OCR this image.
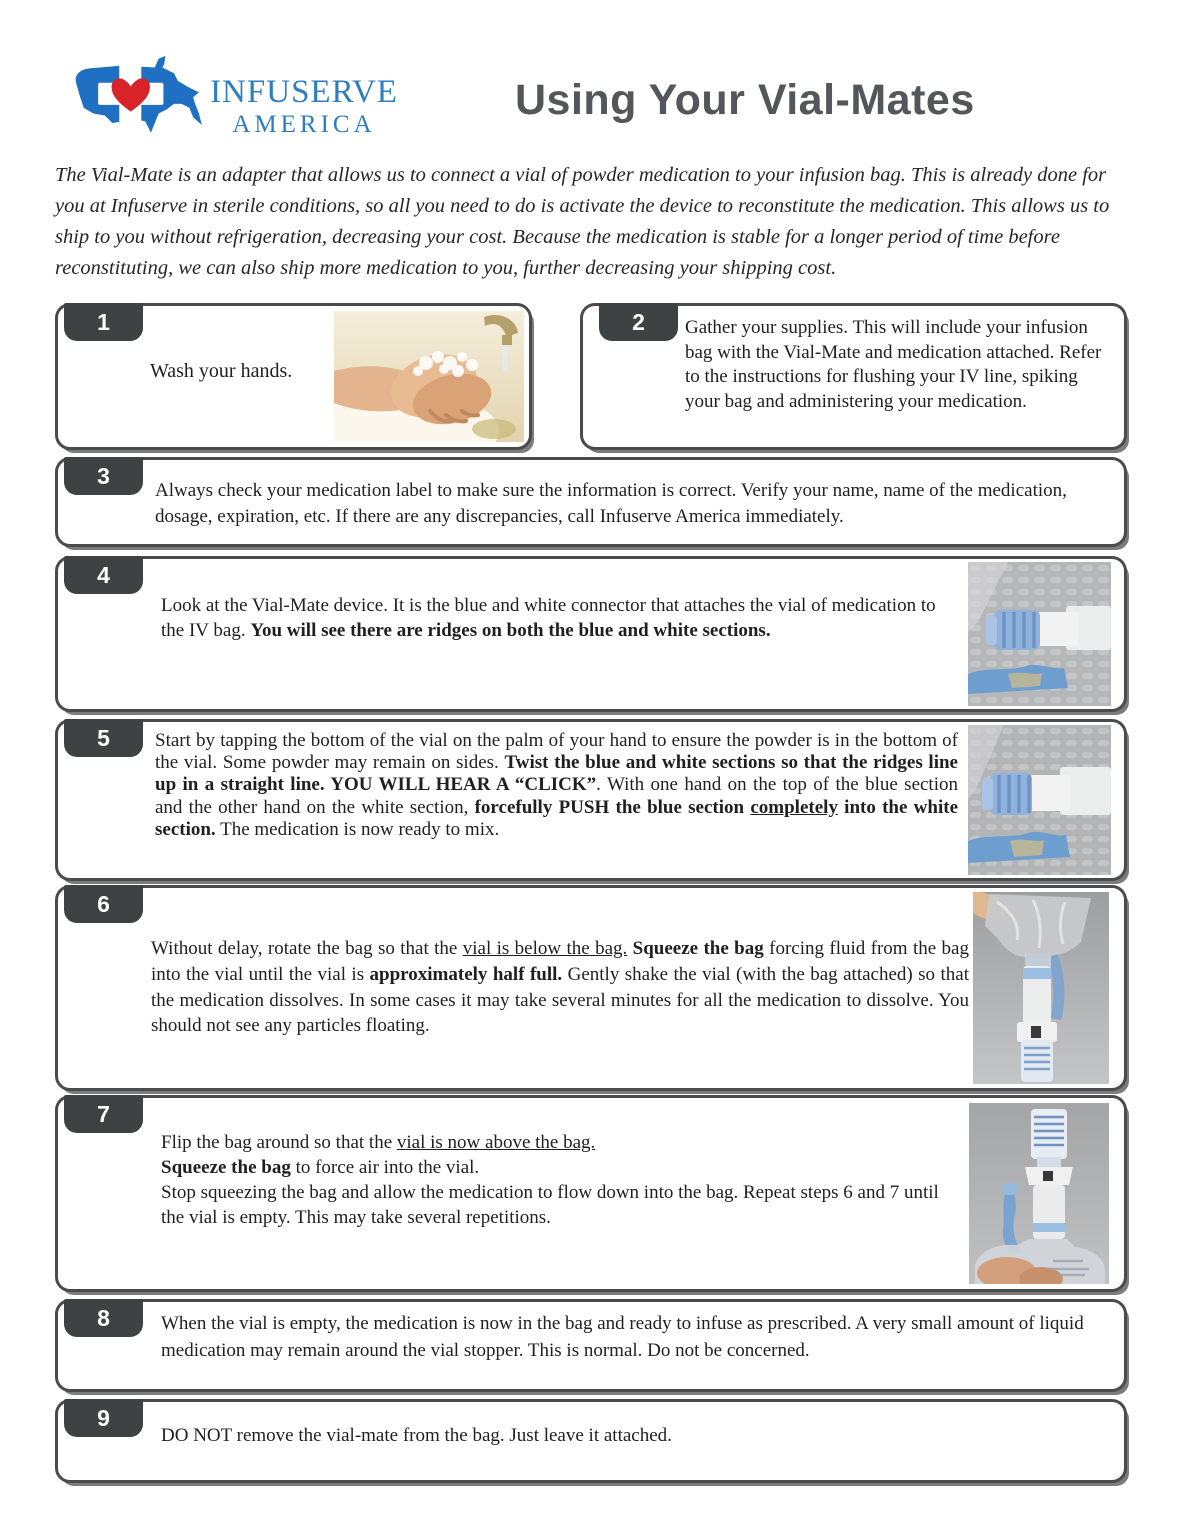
INFUSERVE
AMERICA
Using Your Vial-Mates

The Vial-Mate is an adapter that allows us to connect a vial of powder medication to your infusion bag. This is already done for you at Infuserve in sterile conditions, so all you need to do is activate the device to reconstitute the medication. This allows us to ship to you without refrigeration, decreasing your cost. Because the medication is stable for a longer period of time before reconstituting, we can also ship more medication to you, further decreasing your shipping cost.

1

Wash your hands.

2	Gather your supplies. This will include your infusion bag with the Vial-Mate and medication attached. Refer to the instructions for flushing your IV line, spiking your bag and administering your medication.

3

Always check your medication label to make sure the information is correct. Verify your name, name of the medication, dosage, expiration, etc. If there are any discrepancies, call Infuserve America immediately.

4

Look at the Vial-Mate device. It is the blue and white connector that attaches the vial of medication to the IV bag. You will see there are ridges on both the blue and white sections.

5	Start by tapping the bottom of the vial on the palm of your hand to ensure the powder is in the bottom of the vial. Some powder may remain on sides. Twist the blue and white sections so that the ridges line up in a straight line. YOU WILL HEAR A “CLICK”. With one hand on the top of the blue section and the other hand on the white section, forcefully PUSH the blue section completely into the white section. The medication is now ready to mix.

6

Without delay, rotate the bag so that the vial is below the bag. Squeeze the bag forcing fluid from the bag into the vial until the vial is approximately half full. Gently shake the vial (with the bag attached) so that the medication dissolves. In some cases it may take several minutes for all the medication to dissolve. You should not see any particles floating.

7

Flip the bag around so that the vial is now above the bag.
Squeeze the bag to force air into the vial.
Stop squeezing the bag and allow the medication to flow down into the bag. Repeat steps 6 and 7 until the vial is empty. This may take several repetitions.

8	When the vial is empty, the medication is now in the bag and ready to infuse as prescribed. A very small amount of liquid medication may remain around the vial stopper. This is normal. Do not be concerned.

9

DO NOT remove the vial-mate from the bag. Just leave it attached.
